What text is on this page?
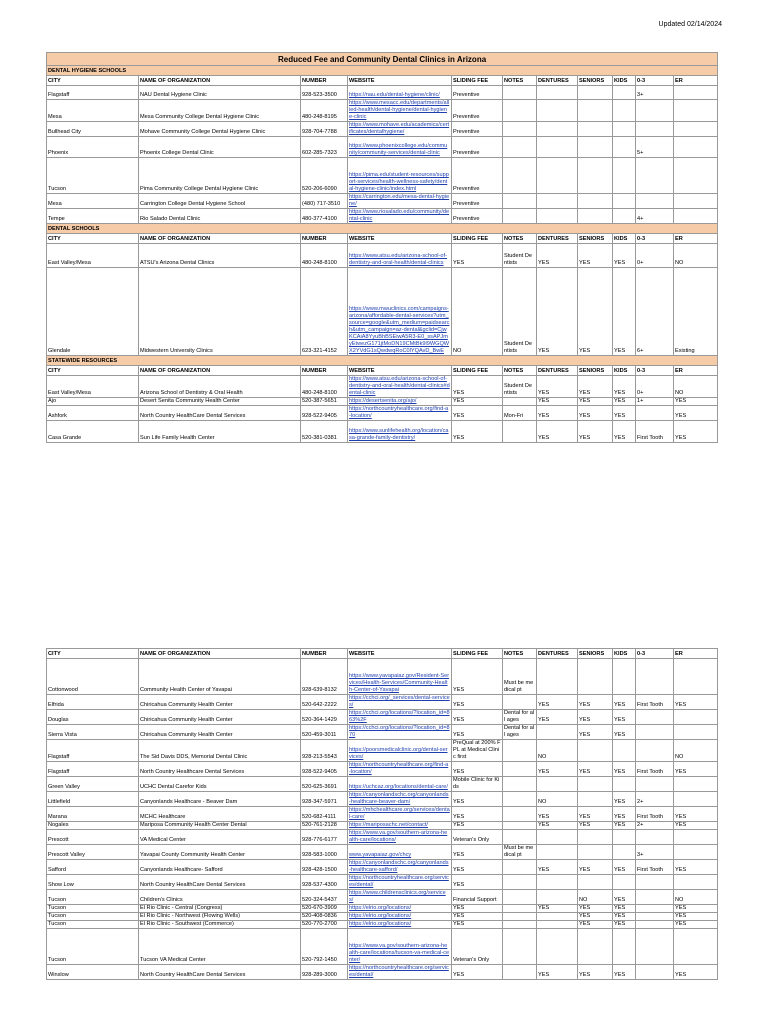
Updated 02/14/2024
Reduced Fee and Community Dental Clinics in Arizona										
DENTAL HYGIENE SCHOOLS										
CITY	NAME OF ORGANIZATION	NUMBER	WEBSITE	SLIDING FEE	NOTES	DENTURES	SENIORS	KIDS	0-3	ER
Flagstaff	NAU Dental Hygiene Clinic	928-523-3500	https://nau.edu/dental-hygiene/clinic/	Preventive					3+	
Mesa	Mesa Community College Dental Hygiene Clinic	480-248-8195	https://www.mesacc.edu/departments/allied-health/dental-hygiene/dental-hygiene-clinic	Preventive						
Bullhead City	Mohave Community College Dental Hygiene Clinic	928-704-7788	https://www.mohave.edu/academics/certificates/dentalhygiene/	Preventive						
Phoenix	Phoenix College Dental Clinic	602-285-7323	https://www.phoenixcollege.edu/community/community-services/dental-clinic	Preventive					5+	
Tucson	Pima Community College Dental Hygiene Clinic	520-206-6090	https://pima.edu/student-resources/support-services/health-wellness-safety/dental-hygiene-clinic/index.html	Preventive						
Mesa	Carrington College Dental Hygiene School	(480) 717-3510	https://carrington.edu/mesa-dental-hygiene/	Preventive						
Tempe	Rio Salado Dental Clinic	480-377-4100	https://www.riosalado.edu/community/dental-clinic	Preventive					4+	
DENTAL SCHOOLS										
CITY	NAME OF ORGANIZATION	NUMBER	WEBSITE	SLIDING FEE	NOTES	DENTURES	SENIORS	KIDS	0-3	ER
East Valley/Mesa	ATSU's Arizona Dental Clinics	480-248-8100	https://www.atsu.edu/arizona-school-of-dentistry-and-oral-health/dental-clinics	YES	Student Dentists	YES	YES	YES	0+	NO
Glendale	Midwestern University Clinics	623-321-4152	https://www.mwuclinics.com/campaigns-arizona/affordable-dental-services?utm_source=google&utm_medium=paidsearch&utm_campaign=az-dental&gclid=CjwKCAiA8YyuBhBSEiwA5R3-E0_ssAPJmyEtwezG171jtMoDN19CMtBk9l9WGQWX2YVdG1sQwdwqRoC0lYQAvD_BwE	NO	Student Dentists	YES	YES	YES	6+	Existing
STATEWIDE RESOURCES										
CITY	NAME OF ORGANIZATION	NUMBER	WEBSITE	SLIDING FEE	NOTES	DENTURES	SENIORS	KIDS	0-3	ER
East Valley/Mesa	Arizona School of Dentistry & Oral Health	480-248-8100	https://www.atsu.edu/arizona-school-of-dentistry-and-oral-health/dental-clinics#dental-clinic	YES	Student Dentists	YES	YES	YES	0+	NO
Ajo	Desert Senita Community Health Center	520-387-5651	https://desertsenita.org/ajo/	YES		YES	YES	YES	1+	YES
Ashfork	North Country HealthCare Dental Services	928-522-9405	https://northcountryhealthcare.org/find-a-location/	YES	Mon-Fri	YES	YES	YES		YES
Casa Grande	Sun Life Family Health Center	520-381-0381	https://www.sunlifehealth.org/location/casa-grande-family-dentistry/	YES		YES	YES	YES	First Tooth	YES
CITY	NAME OF ORGANIZATION	NUMBER	WEBSITE	SLIDING FEE	NOTES	DENTURES	SENIORS	KIDS	0-3	ER
Cottonwood	Community Health Center of Yavapai	928-639-8132	https://www.yavapaiaz.gov/Resident-Services/Health-Services/Community-Health-Center-of-Yavapai	YES	Must be medical pt					
Elfrida	Chiricahua Community Health Center	520-642-2222	https://cchci.org/_services/dental-services/	YES		YES	YES	YES	First Tooth	YES
Douglas	Chiricahua Community Health Center	520-364-1429	https://cchci.org/locations/?location_id=863%2F	YES	Dental for all ages	YES	YES	YES		
Sierra Vista	Chiricahua Community Health Center	520-459-3011	https://cchci.org/locations/?location_id=870	YES	Dental for all ages		YES	YES		
Flagstaff	The Sid Davis DDS, Memorial Dental Clinic	928-213-5543	https://poorsmedicalclinic.org/dental-services/	PreQual at 200% FPL at Medical Clinic first		NO				NO
Flagstaff	North Country Healthcare Dental Services	928-522-9405	https://northcountryhealthcare.org/find-a-location/	YES		YES	YES	YES	First Tooth	YES
Green Valley	UCHC Dental Carefor Kids	520-625-3691	https://uchcaz.org/locations/dental-care/	Mobile Clinic for Kids						
Littlefield	Canyonlands Healthcare - Beaver Dam	928-347-5971	https://canyonlandschc.org/canyonlands-healthcare-beaver-dam/	YES		NO		YES	2+	
Marana	MCHC Healthcare	520-682-4111	https://mhchealthcare.org/services/dental-care/	YES		YES	YES	YES	First Tooth	YES
Nogales	Mariposa Community Health Center Dental	520-761-2128	https://mariposachc.net/contact/	YES		YES	YES	YES	2+	YES
Prescott	VA Medical Center	928-776-6177	https://www.va.gov/southern-arizona-health-care/locations/	Veteran's Only						
Prescott Valley	Yavapai County Community Health Center	928-583-1000	www.yavapaiaz.gov/chcy	YES	Must be medical pt				3+	
Safford	Canyonlands Healthcare- Safford	928-428-1500	https://canyonlandschc.org/canyonlands-healthcare-safford/	YES		YES	YES	YES	First Tooth	YES
Show Low	North Country HealthCare Dental Services	928-537-4300	https://northcountryhealthcare.org/services/dental/	YES						
Tucson	Children's Clinics	520-324-5437	https://www.childrensclinics.org/services/	Financial Support			NO	YES		NO
Tucson	El Rio Clinic - Central (Congress)	520-670-3909	https://elrio.org/locations/	YES		YES	YES	YES		YES
Tucson	El Rio Clinic - Northwest (Flowing Wells)	520-408-0836	https://elrio.org/locations/	YES			YES	YES		YES
Tucson	El Rio Clinic - Southwest (Commerce)	520-770-2700	https://elrio.org/locations/	YES			YES	YES		YES
Tucson	Tucson VA Medical Center	520-792-1450	https://www.va.gov/southern-arizona-health-care/locations/tucson-va-medical-center/	Veteran's Only						
Winslow	North Country HealthCare Dental Services	928-289-3000	https://northcountryhealthcare.org/services/dental/	YES		YES	YES	YES		YES
